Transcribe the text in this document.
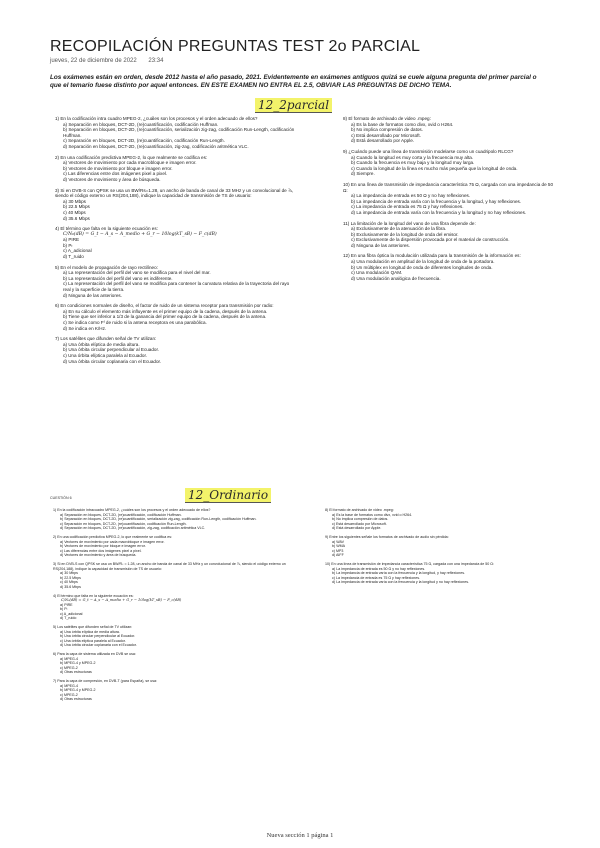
RECOPILACIÓN PREGUNTAS TEST 2o PARCIAL
jueves, 22 de diciembre de 2022 23:34
Los exámenes están en orden, desde 2012 hasta el año pasado, 2021. Evidentemente en exámenes antiguos quizá se cuele alguna pregunta del primer parcial o que el temario fuese distinto por aquel entonces. EN ESTE EXAMEN NO ENTRA EL 2.5, OBVIAR LAS PREGUNTAS DE DICHO TEMA.
12_2parcial
1) En la codificación intra cuadro MPEG-2, ¿cuáles son los procesos y el orden adecuado de ellos?
a) Separación en bloques, DCT-2D, (re)cuantificación, codificación Huffman.
b) Separación en bloques, DCT-2D, (re)cuantificación, serialización zig-zag, codificación Run-Length, codificación Huffman.
c) Separación en bloques, DCT-2D, (re)cuantificación, codificación Run-Length.
d) Separación en bloques, DCT-2D, (re)cuantificación, zig-zag, codificación aritmética VLC.
2) En una codificación predictiva MPEG-2, lo que realmente se codifica es:
a) Vectores de movimiento por cada macrobloque e imagen error.
b) Vectores de movimiento por bloque e imagen error.
c) Las diferencias entre dos imágenes pixel a pixel.
d) Vectores de movimiento y área de búsqueda.
3) Si en DVB-S con QPSK se usa un BW/Rs=1.28, un ancho de banda de canal de 33 MHz y un convolucional de ⅞, siendo el código externo un RS(204,188), indique la capacidad de transmisión de TS de usuario:
a) 30 Mbps
b) 22.5 Mbps
c) 40 Mbps
d) 35.6 Mbps
4) El término que falta en la siguiente ecuación es:
C/N₀(dB) = G_t − A_s − A_medio + G_r − 10log(kT_sB) − F_c(dB)
a) PIRE
b) Pₜ
c) A_adicional
d) T_ruido
5) En el modelo de propagación de rayo rectilíneo:
a) La representación del perfil del vano se modifica para el nivel del mar.
b) La representación del perfil del vano es indiferente.
c) La representación del perfil del vano se modifica para contener la curvatura relativa de la trayectoria del rayo real y la superficie de la tierra.
d) Ninguna de las anteriores.
6) En condiciones normales de diseño, el factor de ruido de un sistema receptor para transmisión por radio:
a) En su cálculo el elemento más influyente es el primer equipo de la cadena, después de la antena.
b) Tiene que ser inferior a 1/3 de la ganancia del primer equipo de la cadena, después de la antena.
c) Se indica como Fᶠ de ruido si la antena receptora es una parabólica.
d) Se indica en K/Hz.
7) Los satélites que difunden señal de TV utilizan:
a) Una órbita elíptica de media altura.
b) Una órbita circular perpendicular al Ecuador.
c) Una órbita elíptica paralela al Ecuador.
d) Una órbita circular coplanaria con el Ecuador.
8) El formato de archivado de video .mpeg:
a) Es la base de formatos como divx, xvid o H264.
b) No implica compresión de datos.
c) Está desarrollado por Microsoft.
d) Está desarrollado por Apple.
9) ¿Cuándo puede una línea de transmisión modelarse como un cuadripolo RLCG?
a) Cuando la longitud es muy corta y la frecuencia muy alta.
b) Cuando la frecuencia es muy baja y la longitud muy larga.
c) Cuando la longitud de la línea es mucho más pequeña que la longitud de onda.
d) Siempre.
10) En una línea de transmisión de impedancia característica 75 Ω, cargada con una impedancia de 50 Ω:
a) La impedancia de entrada es 50 Ω y no hay reflexiones.
b) La impedancia de entrada varía con la frecuencia y la longitud, y hay reflexiones.
c) La impedancia de entrada es 75 Ω y hay reflexiones.
d) La impedancia de entrada varía con la frecuencia y la longitud y no hay reflexiones.
11) La limitación de la longitud del vano de una fibra depende de:
a) Exclusivamente de la atenuación de la fibra.
b) Exclusivamente de la longitud de onda del emisor.
c) Exclusivamente de la dispersión provocada por el material de construcción.
d) Ninguna de las anteriores.
12) En una fibra óptica la modulación utilizada para la transmisión de la información es:
a) Una modulación en amplitud de la longitud de onda de la portadora.
b) Un múltiplex en longitud de onda de diferentes longitudes de onda.
c) Una modulación QAM.
d) Una modulación analógica de frecuencia.
CUESTIÓN 6	12_Ordinario
1) En la codificación intracuadro MPEG-2, ¿cuáles son los procesos y el orden adecuado de ellos?
a) Separación en bloques, DCT-2D, (re)cuantificación, codificación Huffman.
b) Separación en bloques, DCT-2D, (re)cuantificación, serialización zig-zag, codificación Run-Length, codificación Huffman.
c) Separación en bloques, DCT-2D, (re)cuantificación, codificación Run-Length.
d) Separación en bloques, DCT-2D, (re)cuantificación, zig-zag, codificación aritmética VLC.
2) En una codificación predictiva MPEG-2, lo que realmente se codifica es:
a) Vectores de movimiento por cada macrobloque e imagen error.
b) Vectores de movimiento por bloque e imagen error.
c) Las diferencias entre dos imágenes pixel a pixel.
d) Vectores de movimiento y área de búsqueda.
3) Si en DVB-S con QPSK se usa un BW/Rₛ = 1.28, un ancho de banda de canal de 33 MHz y un convolucional de ⅞, siendo el código externo un RS(204,188), indique la capacidad de transmisión de TS de usuario:
a) 30 Mbps
b) 22.5 Mbps
c) 40 Mbps
d) 35.6 Mbps
4) El término que falta en la siguiente ecuación es:
C/N₀(dB) = G_t − A_s − A_medio + G_r − 10log(kT_sB) − F_c(dB)
a) PIRE
b) Pₜ
c) A_adicional
d) T_ruido
5) Los satélites que difunden señal de TV utilizan:
a) Una órbita elíptica de media altura.
b) Una órbita circular perpendicular al Ecuador.
c) Una órbita elíptica paralela al Ecuador.
d) Una órbita circular coplanaria con el Ecuador.
6) Para la capa de sistema utilizada en DVB se usa:
a) MPEG-4
b) MPEG-4 y MPEG-2
c) MPEG-2
d) Otras estructuras
7) Para la capa de compresión, en DVB-T (para España), se usa:
a) MPEG-4
b) MPEG-4 y MPEG-2
c) MPEG-2
d) Otras estructuras
8) El formato de archivado de video .mpeg:
a) Es la base de formatos como divx, xvid o H264.
b) No implica compresión de datos.
c) Está desarrollado por Microsoft.
d) Está desarrollado por Apple.
9) Entre los siguientes señale los formatos de archivado de audio sin pérdida:
a) WAV
b) WMA
c) MP3
d) AIFF
10) En una línea de transmisión de impedancia característica 75 Ω, cargada con una impedancia de 50 Ω:
a) La impedancia de entrada es 50 Ω y no hay reflexiones.
b) La impedancia de entrada varía con la frecuencia y la longitud, y hay reflexiones.
c) La impedancia de entrada es 75 Ω y hay reflexiones.
d) La impedancia de entrada varía con la frecuencia y la longitud y no hay reflexiones.
Nueva sección 1 página 1
